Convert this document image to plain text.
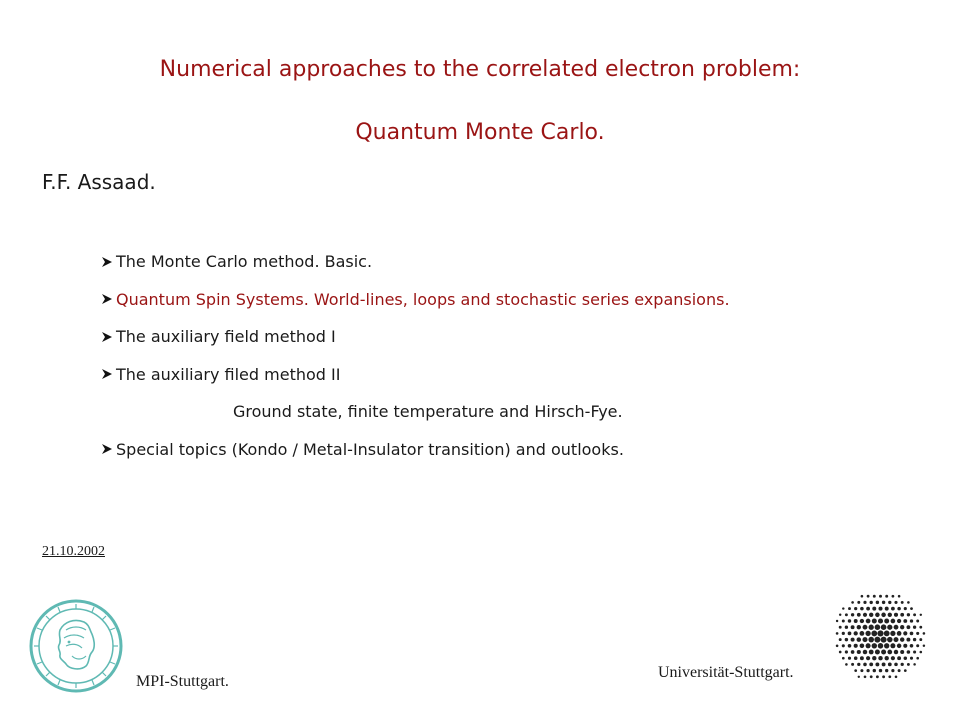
Numerical approaches to the correlated electron problem:
Quantum Monte Carlo.
F.F. Assaad.
The Monte Carlo method. Basic.
Quantum Spin Systems. World-lines, loops and stochastic series expansions.
The auxiliary field method I
The auxiliary filed method II
Ground state, finite temperature and Hirsch-Fye.
Special topics (Kondo / Metal-Insulator transition) and outlooks.
21.10.2002
MPI-Stuttgart.
Universität-Stuttgart.
